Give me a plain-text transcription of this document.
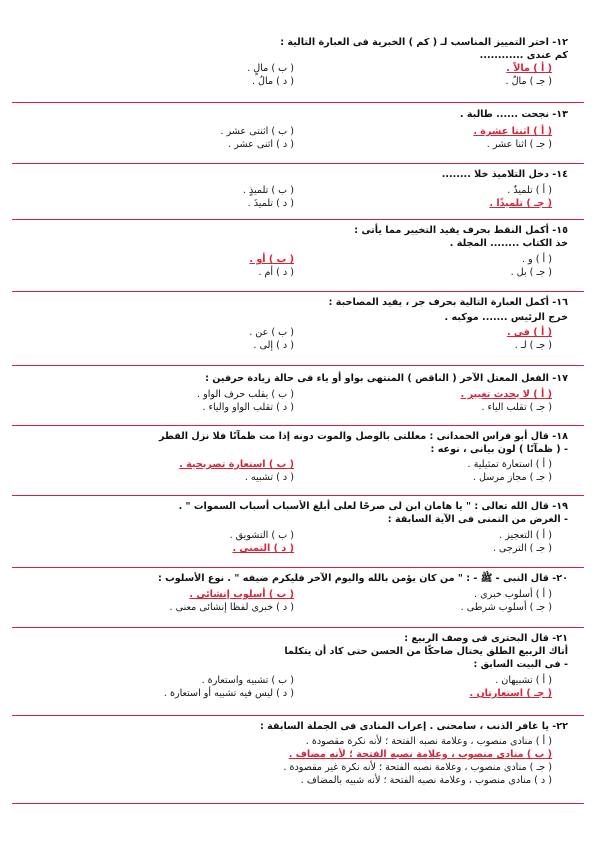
١٢- اختر التمييز المناسب لـ ( كم ) الخبرية فى العبارة التالية :
كم عندى ............
( أ ) مالاً .
( ب ) مالٍ .
( جـ ) مالٌ .
( د ) مالُ .
١٣- نجحت ...... طالبة .
( أ ) اثنتا عشرة .
( ب ) اثنتى عشر .
( جـ ) اثنا عشر .
( د ) اثنى عشر .
١٤- دخل التلاميذ خلا ........
( أ ) تلميذٌ .
( ب ) تلميذٍ .
( جـ ) تلميذًا .
( د ) تلميذَ .
١٥- أكمل النقط بحرف يفيد التخيير مما يأتى :
خذ الكتاب ........ المجلة .
( أ ) و .
( ب ) أو .
( جـ ) بل .
( د ) أم .
١٦- أكمل العبارة التالية بحرف جر ، يفيد المصاحبة :
خرج الرئيس ....... موكبه .
( أ ) فى .
( ب ) عن .
( جـ ) لـ .
( د ) إلى .
١٧- الفعل المعتل الآخر ( الناقص ) المنتهى بواو أو ياء فى حالة زيادة حرفين :
( أ ) لا يحدث تغيير .
( ب ) يقلب حرف الواو .
( جـ ) تقلب الياء .
( د ) تقلب الواو والياء .
١٨- قال أبو فراس الحمدانى : معللتى بالوصل والموت دونه إذا مت ظمآنًا فلا نزل القطر
- ( ظمآنًا ) لون بيانى ، نوعه :
( أ ) استعارة تمثيلية .
( ب ) استعارة تصريحية .
( جـ ) مجاز مرسل .
( د ) تشبيه .
١٩- قال الله تعالى : " يا هامان ابن لى صرحًا لعلى أبلغ الأسباب أسباب السموات " .
- الغرض من التمنى فى الآية السابقة :
( أ ) التعجيز .
( ب ) التشويق .
( جـ ) الترجى .
( د ) التمنى .
٢٠- قال النبى - ﷺ - : " من كان يؤمن بالله واليوم الآخر فليكرم ضيفه " . نوع الأسلوب :
( أ ) أسلوب خبرى .
( ب ) أسلوب إنشائى .
( جـ ) أسلوب شرطى .
( د ) خبرى لفظا إنشائى معنى .
٢١- قال البحترى فى وصف الربيع :
أتاك الربيع الطلق يختال ضاحكًا من الحسن حتى كاد أن يتكلما
- فى البيت السابق :
( أ ) تشبيهان .
( ب ) تشبيه واستعارة .
( جـ ) استعارتان .
( د ) ليس فيه تشبيه أو استعارة .
٢٢- يا غافر الذنب ، سامحنى . إعراب المنادى فى الجملة السابقة :
( أ ) منادى منصوب ، وعلامة نصبه الفتحة ؛ لأنه نكرة مقصودة .
( ب ) منادى منصوب ، وعلامة نصبه الفتحة ؛ لأنه مضاف .
( جـ ) منادى منصوب ، وعلامة نصبه الفتحة ؛ لأنه نكرة غير مقصودة .
( د ) منادى منصوب ، وعلامة نصبه الفتحة ؛ لأنه شبيه بالمضاف .
